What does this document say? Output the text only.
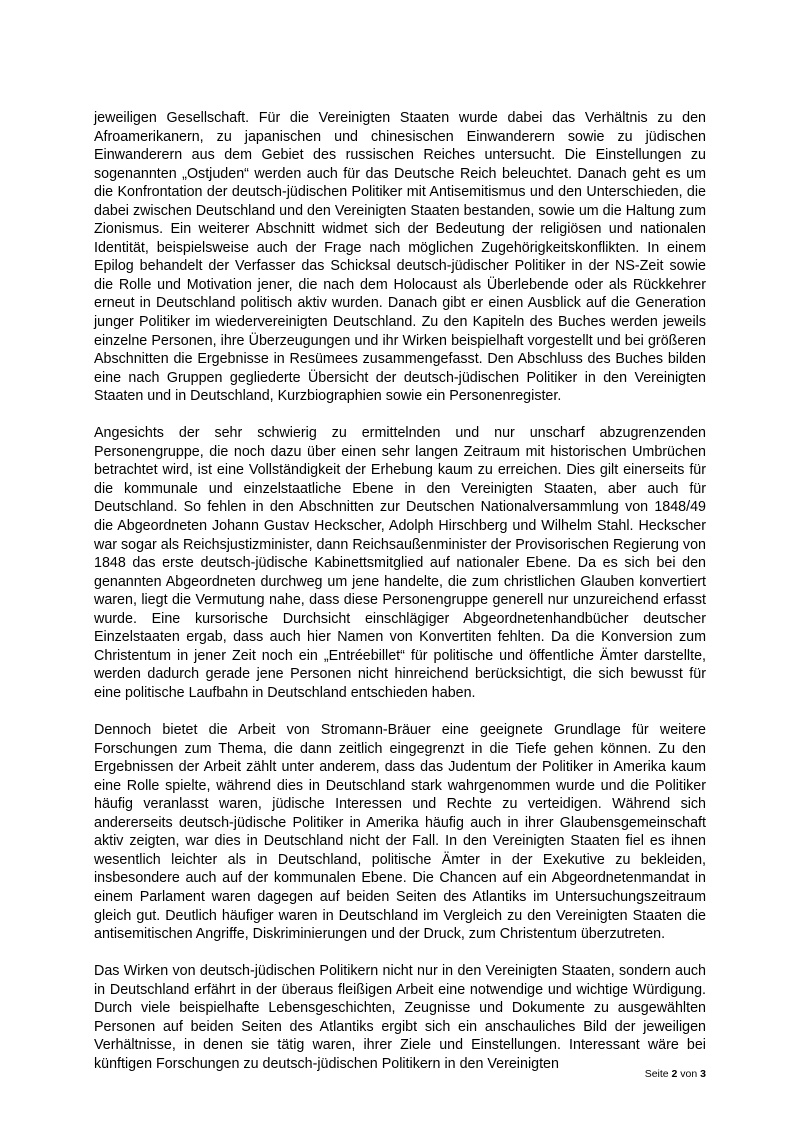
jeweiligen Gesellschaft. Für die Vereinigten Staaten wurde dabei das Verhältnis zu den Afroamerikanern, zu japanischen und chinesischen Einwanderern sowie zu jüdischen Einwanderern aus dem Gebiet des russischen Reiches untersucht. Die Einstellungen zu sogenannten „Ostjuden“ werden auch für das Deutsche Reich beleuchtet. Danach geht es um die Konfrontation der deutsch-jüdischen Politiker mit Antisemitismus und den Unterschieden, die dabei zwischen Deutschland und den Vereinigten Staaten bestanden, sowie um die Haltung zum Zionismus. Ein weiterer Abschnitt widmet sich der Bedeutung der religiösen und nationalen Identität, beispielsweise auch der Frage nach möglichen Zugehörigkeitskonflikten. In einem Epilog behandelt der Verfasser das Schicksal deutsch-jüdischer Politiker in der NS-Zeit sowie die Rolle und Motivation jener, die nach dem Holocaust als Überlebende oder als Rückkehrer erneut in Deutschland politisch aktiv wurden. Danach gibt er einen Ausblick auf die Generation junger Politiker im wiedervereinigten Deutschland. Zu den Kapiteln des Buches werden jeweils einzelne Personen, ihre Überzeugungen und ihr Wirken beispielhaft vorgestellt und bei größeren Abschnitten die Ergebnisse in Resümees zusammengefasst. Den Abschluss des Buches bilden eine nach Gruppen gegliederte Übersicht der deutsch-jüdischen Politiker in den Vereinigten Staaten und in Deutschland, Kurzbiographien sowie ein Personenregister.

Angesichts der sehr schwierig zu ermittelnden und nur unscharf abzugrenzenden Personengruppe, die noch dazu über einen sehr langen Zeitraum mit historischen Umbrüchen betrachtet wird, ist eine Vollständigkeit der Erhebung kaum zu erreichen. Dies gilt einerseits für die kommunale und einzelstaatliche Ebene in den Vereinigten Staaten, aber auch für Deutschland. So fehlen in den Abschnitten zur Deutschen Nationalversammlung von 1848/49 die Abgeordneten Johann Gustav Heckscher, Adolph Hirschberg und Wilhelm Stahl. Heckscher war sogar als Reichsjustizminister, dann Reichsaußenminister der Provisorischen Regierung von 1848 das erste deutsch-jüdische Kabinettsmitglied auf nationaler Ebene. Da es sich bei den genannten Abgeordneten durchweg um jene handelte, die zum christlichen Glauben konvertiert waren, liegt die Vermutung nahe, dass diese Personengruppe generell nur unzureichend erfasst wurde. Eine kursorische Durchsicht einschlägiger Abgeordnetenhandbücher deutscher Einzelstaaten ergab, dass auch hier Namen von Konvertiten fehlten. Da die Konversion zum Christentum in jener Zeit noch ein „Entréebillet“ für politische und öffentliche Ämter darstellte, werden dadurch gerade jene Personen nicht hinreichend berücksichtigt, die sich bewusst für eine politische Laufbahn in Deutschland entschieden haben.

Dennoch bietet die Arbeit von Stromann-Bräuer eine geeignete Grundlage für weitere Forschungen zum Thema, die dann zeitlich eingegrenzt in die Tiefe gehen können. Zu den Ergebnissen der Arbeit zählt unter anderem, dass das Judentum der Politiker in Amerika kaum eine Rolle spielte, während dies in Deutschland stark wahrgenommen wurde und die Politiker häufig veranlasst waren, jüdische Interessen und Rechte zu verteidigen. Während sich andererseits deutsch-jüdische Politiker in Amerika häufig auch in ihrer Glaubensgemeinschaft aktiv zeigten, war dies in Deutschland nicht der Fall. In den Vereinigten Staaten fiel es ihnen wesentlich leichter als in Deutschland, politische Ämter in der Exekutive zu bekleiden, insbesondere auch auf der kommunalen Ebene. Die Chancen auf ein Abgeordnetenmandat in einem Parlament waren dagegen auf beiden Seiten des Atlantiks im Untersuchungszeitraum gleich gut. Deutlich häufiger waren in Deutschland im Vergleich zu den Vereinigten Staaten die antisemitischen Angriffe, Diskriminierungen und der Druck, zum Christentum überzutreten.

Das Wirken von deutsch-jüdischen Politikern nicht nur in den Vereinigten Staaten, sondern auch in Deutschland erfährt in der überaus fleißigen Arbeit eine notwendige und wichtige Würdigung. Durch viele beispielhafte Lebensgeschichten, Zeugnisse und Dokumente zu ausgewählten Personen auf beiden Seiten des Atlantiks ergibt sich ein anschauliches Bild der jeweiligen Verhältnisse, in denen sie tätig waren, ihrer Ziele und Einstellungen. Interessant wäre bei künftigen Forschungen zu deutsch-jüdischen Politikern in den Vereinigten

Seite 2 von 3
